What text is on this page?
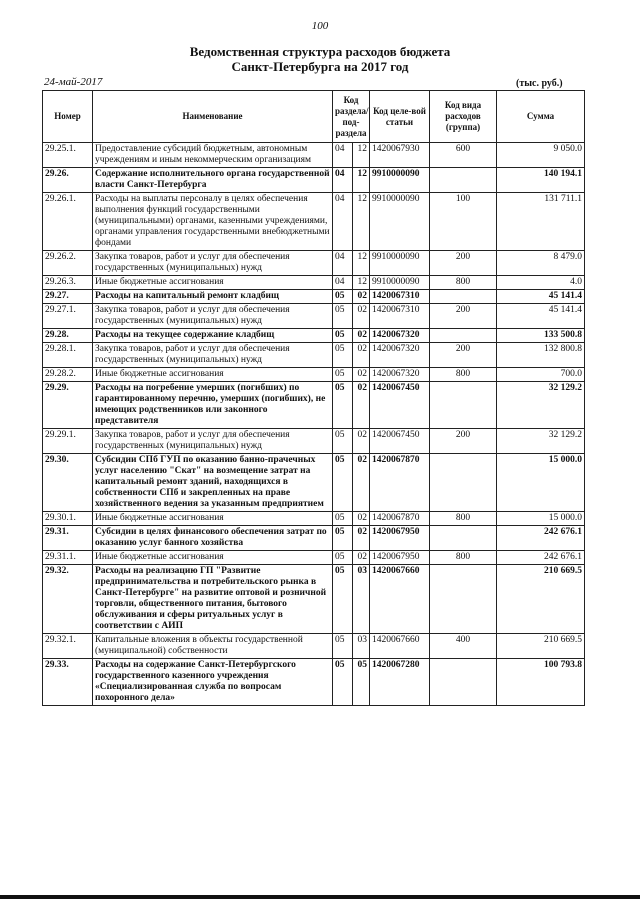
100
Ведомственная структура расходов бюджета
Санкт-Петербурга на 2017 год
24-май-2017	(тыс. руб.)
Номер	Наименование	Код раздела/ под-раздела		Код целе-вой статьи	Код вида расходов (группа)	Сумма
29.25.1.	Предоставление субсидий бюджетным, автономным учреждениям и иным некоммерческим организациям	04	12	1420067930	600	9 050.0
29.26.	Содержание исполнительного органа государственной власти Санкт-Петербурга	04	12	9910000090		140 194.1
29.26.1.	Расходы на выплаты персоналу в целях обеспечения выполнения функций государственными (муниципальными) органами, казенными учреждениями, органами управления государственными внебюджетными фондами	04	12	9910000090	100	131 711.1
29.26.2.	Закупка товаров, работ и услуг для обеспечения государственных (муниципальных) нужд	04	12	9910000090	200	8 479.0
29.26.3.	Иные бюджетные ассигнования	04	12	9910000090	800	4.0
29.27.	Расходы на капитальный ремонт кладбищ	05	02	1420067310		45 141.4
29.27.1.	Закупка товаров, работ и услуг для обеспечения государственных (муниципальных) нужд	05	02	1420067310	200	45 141.4
29.28.	Расходы на текущее содержание кладбищ	05	02	1420067320		133 500.8
29.28.1.	Закупка товаров, работ и услуг для обеспечения государственных (муниципальных) нужд	05	02	1420067320	200	132 800.8
29.28.2.	Иные бюджетные ассигнования	05	02	1420067320	800	700.0
29.29.	Расходы на погребение умерших (погибших) по гарантированному перечню, умерших (погибших), не имеющих родственников или законного представителя	05	02	1420067450		32 129.2
29.29.1.	Закупка товаров, работ и услуг для обеспечения государственных (муниципальных) нужд	05	02	1420067450	200	32 129.2
29.30.	Субсидии СПб ГУП по оказанию банно-прачечных услуг населению "Скат" на возмещение затрат на капитальный ремонт зданий, находящихся в собственности СПб и закрепленных на праве хозяйственного ведения за указанным предприятием	05	02	1420067870		15 000.0
29.30.1.	Иные бюджетные ассигнования	05	02	1420067870	800	15 000.0
29.31.	Субсидии в целях финансового обеспечения затрат по оказанию услуг банного хозяйства	05	02	1420067950		242 676.1
29.31.1.	Иные бюджетные ассигнования	05	02	1420067950	800	242 676.1
29.32.	Расходы на реализацию ГП "Развитие предпринимательства и потребительского рынка в Санкт-Петербурге" на развитие оптовой и розничной торговли, общественного питания, бытового обслуживания и сферы ритуальных услуг в соответствии с АИП	05	03	1420067660		210 669.5
29.32.1.	Капитальные вложения в объекты государственной (муниципальной) собственности	05	03	1420067660	400	210 669.5
29.33.	Расходы на содержание Санкт-Петербургского государственного казенного учреждения «Специализированная служба по вопросам похоронного дела»	05	05	1420067280		100 793.8
